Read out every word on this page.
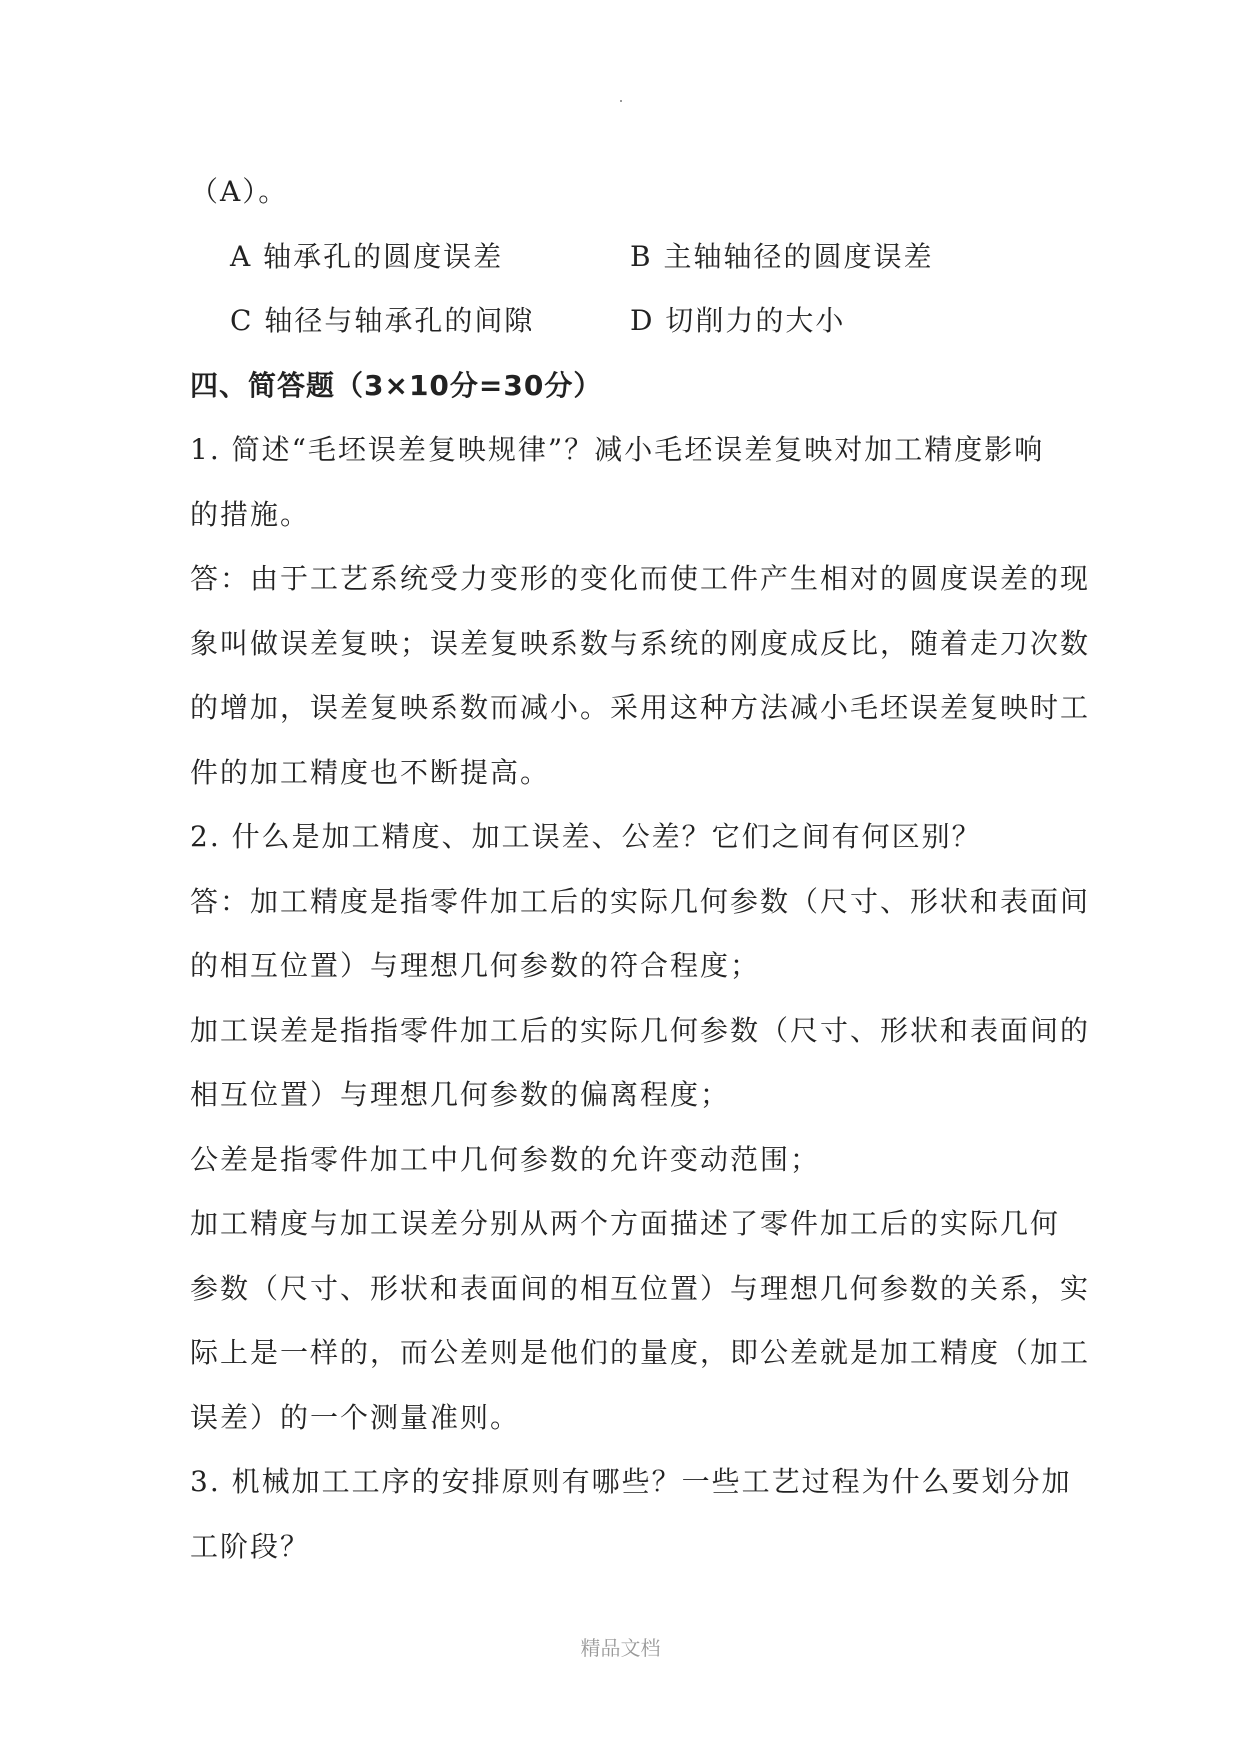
（A）。
A 轴承孔的圆度误差	B 主轴轴径的圆度误差
C 轴径与轴承孔的间隙	D 切削力的大小
四、简答题（3×10分=30分）
1. 简述“毛坯误差复映规律”？减小毛坯误差复映对加工精度影响
的措施。
答：由于工艺系统受力变形的变化而使工件产生相对的圆度误差的现
象叫做误差复映；误差复映系数与系统的刚度成反比，随着走刀次数
的增加，误差复映系数而减小。采用这种方法减小毛坯误差复映时工
件的加工精度也不断提高。
2. 什么是加工精度、加工误差、公差？它们之间有何区别？
答：加工精度是指零件加工后的实际几何参数（尺寸、形状和表面间
的相互位置）与理想几何参数的符合程度；
加工误差是指指零件加工后的实际几何参数（尺寸、形状和表面间的
相互位置）与理想几何参数的偏离程度；
公差是指零件加工中几何参数的允许变动范围；
加工精度与加工误差分别从两个方面描述了零件加工后的实际几何
参数（尺寸、形状和表面间的相互位置）与理想几何参数的关系，实
际上是一样的，而公差则是他们的量度，即公差就是加工精度（加工
误差）的一个测量准则。
3. 机械加工工序的安排原则有哪些？一些工艺过程为什么要划分加
工阶段？
精品文档
